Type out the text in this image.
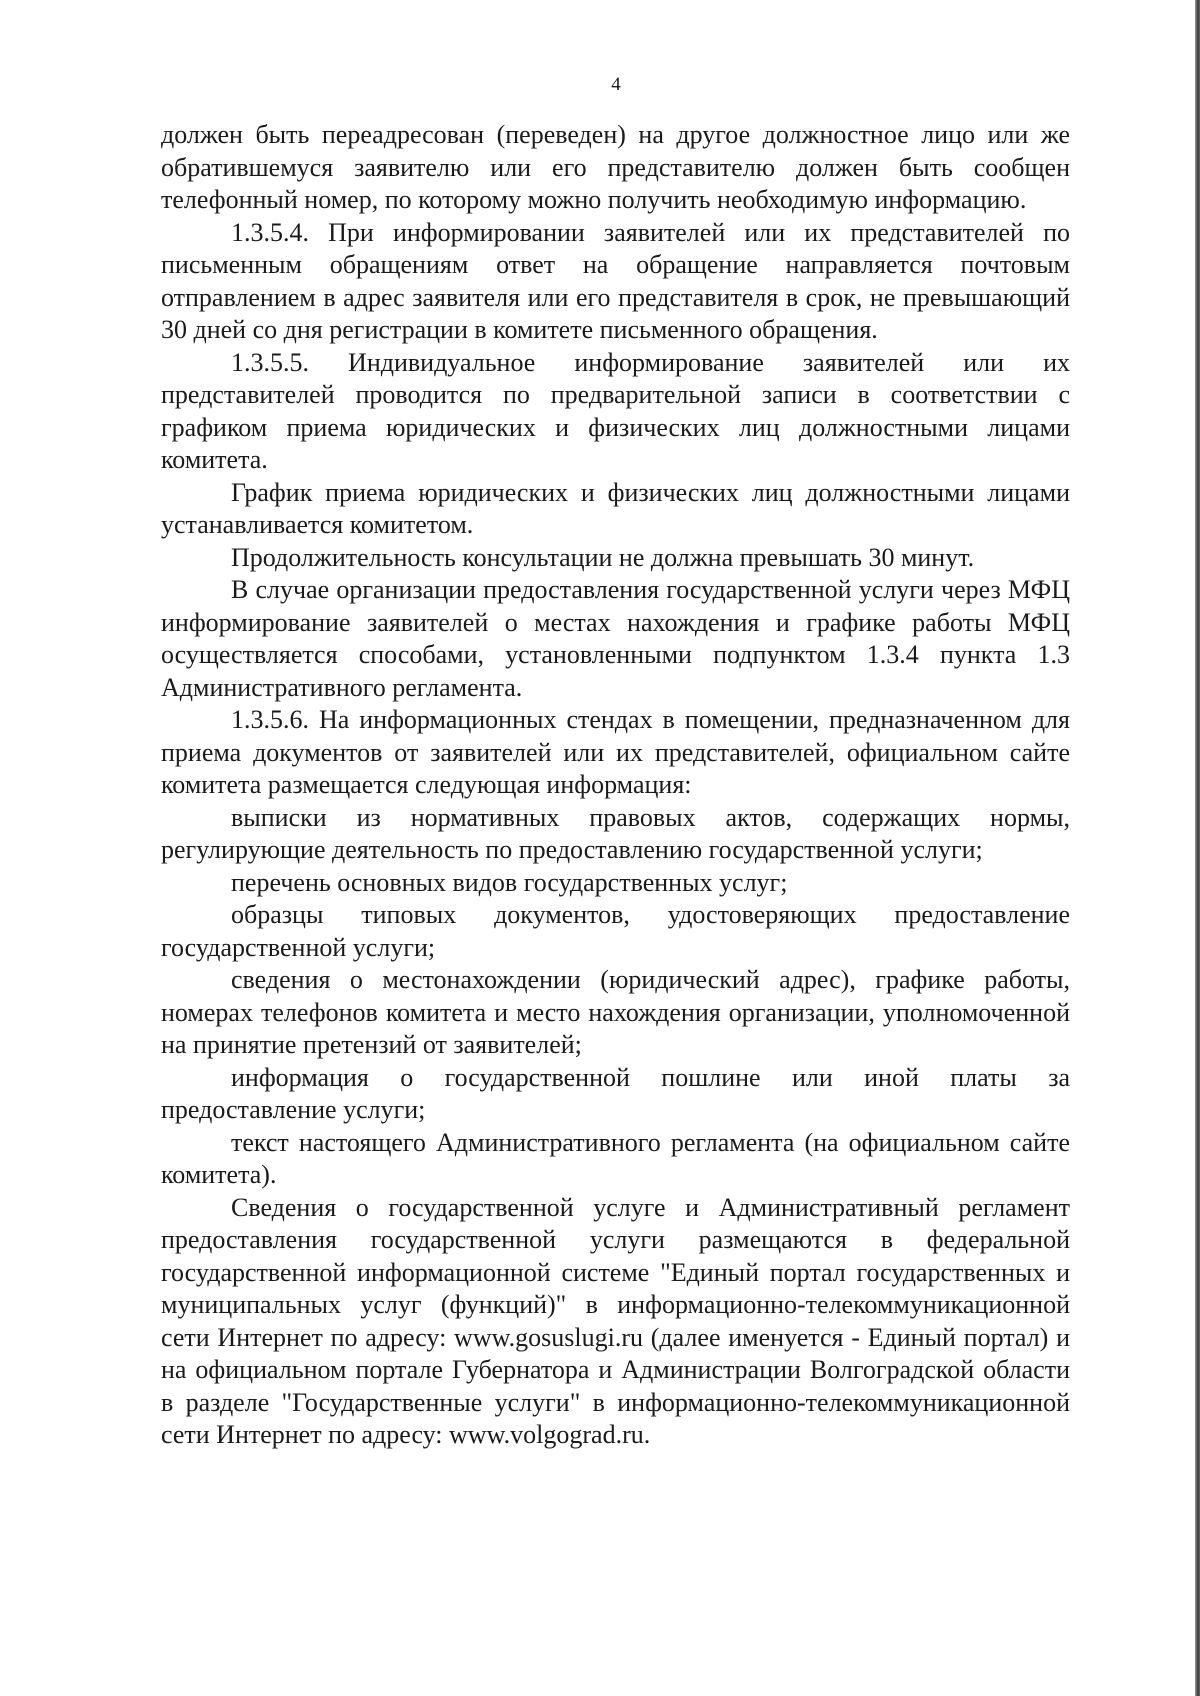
4

должен быть переадресован (переведен) на другое должностное лицо или же обратившемуся заявителю или его представителю должен быть сообщен телефонный номер, по которому можно получить необходимую информацию.

1.3.5.4. При информировании заявителей или их представителей по письменным обращениям ответ на обращение направляется почтовым отправлением в адрес заявителя или его представителя в срок, не превышающий 30 дней со дня регистрации в комитете письменного обращения.

1.3.5.5. Индивидуальное информирование заявителей или их представителей проводится по предварительной записи в соответствии с графиком приема юридических и физических лиц должностными лицами комитета.

График приема юридических и физических лиц должностными лицами устанавливается комитетом.

Продолжительность консультации не должна превышать 30 минут.

В случае организации предоставления государственной услуги через МФЦ информирование заявителей о местах нахождения и графике работы МФЦ осуществляется способами, установленными подпунктом 1.3.4 пункта 1.3 Административного регламента.

1.3.5.6. На информационных стендах в помещении, предназначенном для приема документов от заявителей или их представителей, официальном сайте комитета размещается следующая информация:

выписки из нормативных правовых актов, содержащих нормы, регулирующие деятельность по предоставлению государственной услуги;

перечень основных видов государственных услуг;

образцы типовых документов, удостоверяющих предоставление государственной услуги;

сведения о местонахождении (юридический адрес), графике работы, номерах телефонов комитета и место нахождения организации, уполномоченной на принятие претензий от заявителей;

информация о государственной пошлине или иной платы за предоставление услуги;

текст настоящего Административного регламента (на официальном сайте комитета).

Сведения о государственной услуге и Административный регламент предоставления государственной услуги размещаются в федеральной государственной информационной системе "Единый портал государственных и муниципальных услуг (функций)" в информационно-телекоммуникационной сети Интернет по адресу: www.gosuslugi.ru (далее именуется - Единый портал) и на официальном портале Губернатора и Администрации Волгоградской области в разделе "Государственные услуги" в информационно-телекоммуникационной сети Интернет по адресу: www.volgograd.ru.
